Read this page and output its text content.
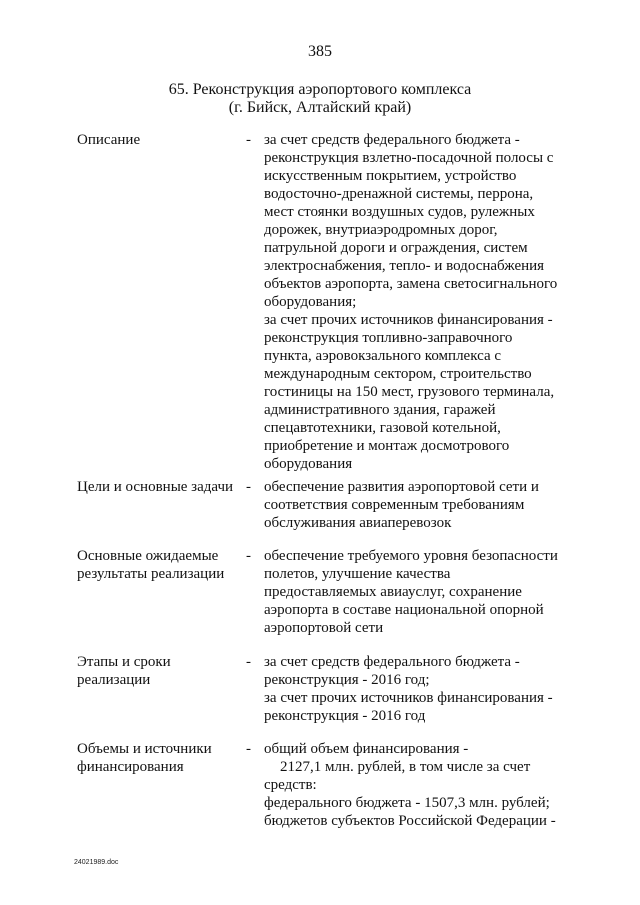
385
65. Реконструкция аэропортового комплекса
(г. Бийск, Алтайский край)
Описание	- за счет средств федерального бюджета -
реконструкция взлетно-посадочной полосы с
искусственным покрытием, устройство
водосточно-дренажной системы, перрона,
мест стоянки воздушных судов, рулежных
дорожек, внутриаэродромных дорог,
патрульной дороги и ограждения, систем
электроснабжения, тепло- и водоснабжения
объектов аэропорта, замена светосигнального
оборудования;
за счет прочих источников финансирования -
реконструкция топливно-заправочного
пункта, аэровокзального комплекса с
международным сектором, строительство
гостиницы на 150 мест, грузового терминала,
административного здания, гаражей
спецавтотехники, газовой котельной,
приобретение и монтаж досмотрового
оборудования
Цели и основные задачи - обеспечение развития аэропортовой сети и
соответствия современным требованиям
обслуживания авиаперевозок
Основные ожидаемые
результаты реализации
- обеспечение требуемого уровня безопасности
полетов, улучшение качества
предоставляемых авиауслуг, сохранение
аэропорта в составе национальной опорной
аэропортовой сети
Этапы и сроки
реализации
- за счет средств федерального бюджета -
реконструкция - 2016 год;
за счет прочих источников финансирования -
реконструкция - 2016 год
Объемы и источники
финансирования
- общий объем финансирования -
2127,1 млн. рублей, в том числе за счет
средств:
федерального бюджета - 1507,3 млн. рублей;
бюджетов субъектов Российской Федерации -
24021989.doc
